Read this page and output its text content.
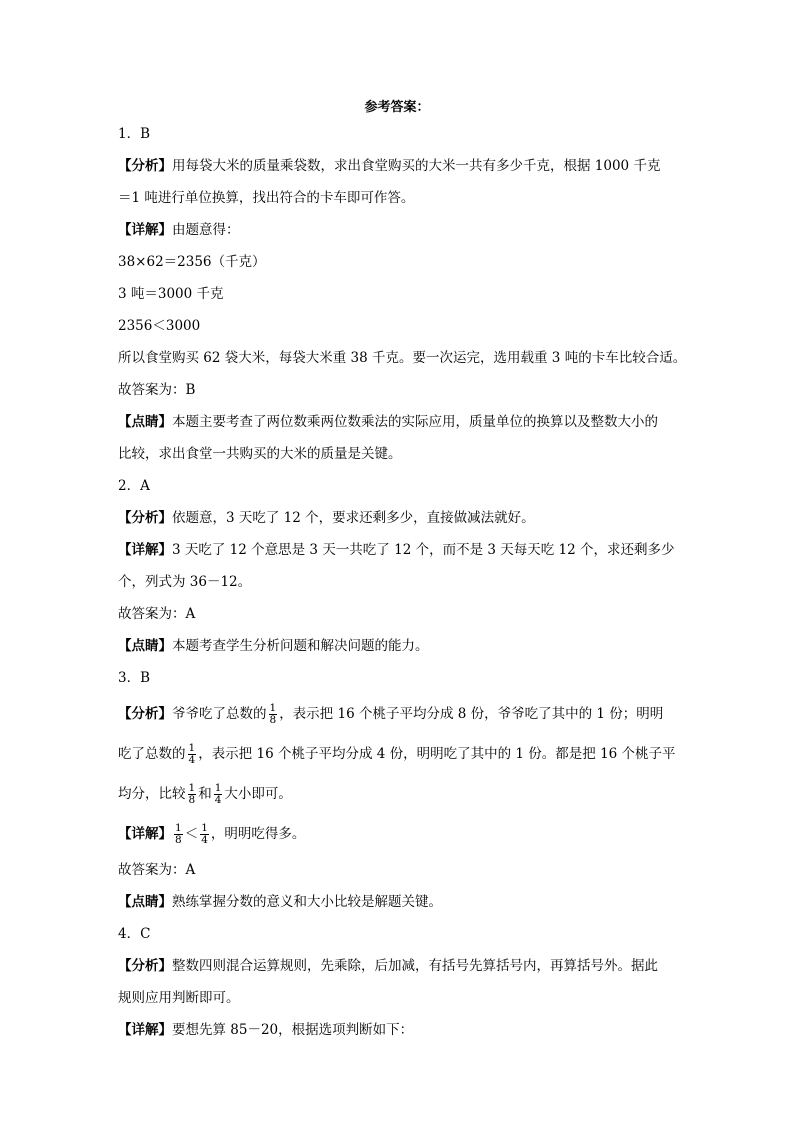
参考答案：
1．B
【分析】用每袋大米的质量乘袋数，求出食堂购买的大米一共有多少千克，根据 1000 千克
＝1 吨进行单位换算，找出符合的卡车即可作答。
【详解】由题意得：
38×62＝2356（千克）
3 吨＝3000 千克
2356＜3000
所以食堂购买 62 袋大米，每袋大米重 38 千克。要一次运完，选用载重 3 吨的卡车比较合适。
故答案为：B
【点睛】本题主要考查了两位数乘两位数乘法的实际应用，质量单位的换算以及整数大小的
比较，求出食堂一共购买的大米的质量是关键。
2．A
【分析】依题意，3 天吃了 12 个，要求还剩多少，直接做减法就好。
【详解】3 天吃了 12 个意思是 3 天一共吃了 12 个，而不是 3 天每天吃 12 个，求还剩多少
个，列式为 36－12。
故答案为：A
【点睛】本题考查学生分析问题和解决问题的能力。
3．B
【分析】爷爷吃了总数的 $\frac{1}{8}$ ，表示把 16 个桃子平均分成 8 份，爷爷吃了其中的 1 份；明明
吃了总数的 $\frac{1}{4}$ ，表示把 16 个桃子平均分成 4 份，明明吃了其中的 1 份。都是把 16 个桃子平
均分，比较 $\frac{1}{8}$ 和 $\frac{1}{4}$ 大小即可。
【详解】 $\frac{1}{8} < \frac{1}{4}$ ，明明吃得多。
故答案为：A
【点睛】熟练掌握分数的意义和大小比较是解题关键。
4．C
【分析】整数四则混合运算规则，先乘除，后加减，有括号先算括号内，再算括号外。据此
规则应用判断即可。
【详解】要想先算 85－20，根据选项判断如下：
